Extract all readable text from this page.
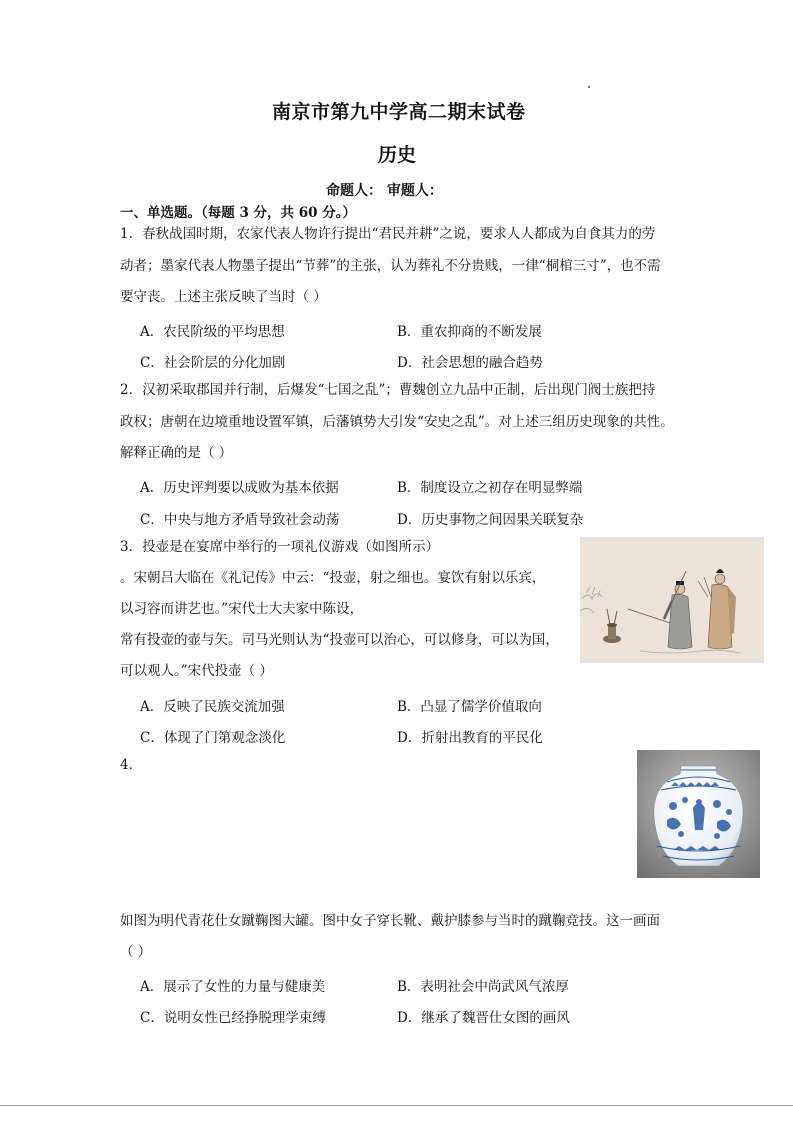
南京市第九中学高二期末试卷
历史
命题人： 审题人：
一、单选题。（每题 3 分，共 60 分。）
1．春秋战国时期，农家代表人物许行提出“君民并耕”之说，要求人人都成为自食其力的劳
动者；墨家代表人物墨子提出“节葬”的主张，认为葬礼不分贵贱，一律“桐棺三寸”，也不需
要守丧。上述主张反映了当时（ ）
A．农民阶级的平均思想	B．重农抑商的不断发展
C．社会阶层的分化加剧	D．社会思想的融合趋势
2．汉初采取郡国并行制，后爆发“七国之乱”；曹魏创立九品中正制，后出现门阀士族把持
政权；唐朝在边境重地设置军镇，后藩镇势大引发“安史之乱”。对上述三组历史现象的共性。
解释正确的是（ ）
A．历史评判要以成败为基本依据	B．制度设立之初存在明显弊端
C．中央与地方矛盾导致社会动荡	D．历史事物之间因果关联复杂
3．投壶是在宴席中举行的一项礼仪游戏（如图所示）
。宋朝吕大临在《礼记传》中云：“投壶，射之细也。宴饮有射以乐宾，
以习容而讲艺也。”宋代士大夫家中陈设，
常有投壶的壶与矢。司马光则认为“投壶可以治心，可以修身，可以为国，
可以观人。”宋代投壶（ ）
A．反映了民族交流加强	B．凸显了儒学价值取向
C．体现了门第观念淡化	D．折射出教育的平民化
4．
如图为明代青花仕女蹴鞠图大罐。图中女子穿长靴、戴护膝参与当时的蹴鞠竞技。这一画面
（ ）
A．展示了女性的力量与健康美	B．表明社会中尚武风气浓厚
C．说明女性已经挣脱理学束缚	D．继承了魏晋仕女图的画风
